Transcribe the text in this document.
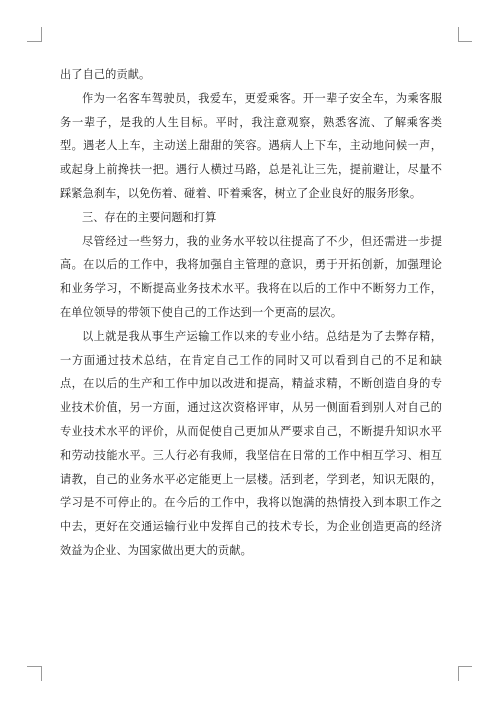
出了自己的贡献。

作为一名客车驾驶员，我爱车，更爱乘客。开一辈子安全车，为乘客服务一辈子，是我的人生目标。平时，我注意观察，熟悉客流、了解乘客类型。遇老人上车，主动送上甜甜的笑容。遇病人上下车，主动地问候一声，或起身上前搀扶一把。遇行人横过马路，总是礼让三先，提前避让，尽量不踩紧急刹车，以免伤着、碰着、吓着乘客，树立了企业良好的服务形象。

三、存在的主要问题和打算

尽管经过一些努力，我的业务水平较以往提高了不少，但还需进一步提高。在以后的工作中，我将加强自主管理的意识，勇于开拓创新，加强理论和业务学习，不断提高业务技术水平。我将在以后的工作中不断努力工作，在单位领导的带领下使自己的工作达到一个更高的层次。

以上就是我从事生产运输工作以来的专业小结。总结是为了去弊存精，一方面通过技术总结，在肯定自己工作的同时又可以看到自己的不足和缺点，在以后的生产和工作中加以改进和提高，精益求精，不断创造自身的专业技术价值，另一方面，通过这次资格评审，从另一侧面看到别人对自己的专业技术水平的评价，从而促使自己更加从严要求自己，不断提升知识水平和劳动技能水平。三人行必有我师，我坚信在日常的工作中相互学习、相互请教，自己的业务水平必定能更上一层楼。活到老，学到老，知识无限的，学习是不可停止的。在今后的工作中，我将以饱满的热情投入到本职工作之中去，更好在交通运输行业中发挥自己的技术专长，为企业创造更高的经济效益为企业、为国家做出更大的贡献。
